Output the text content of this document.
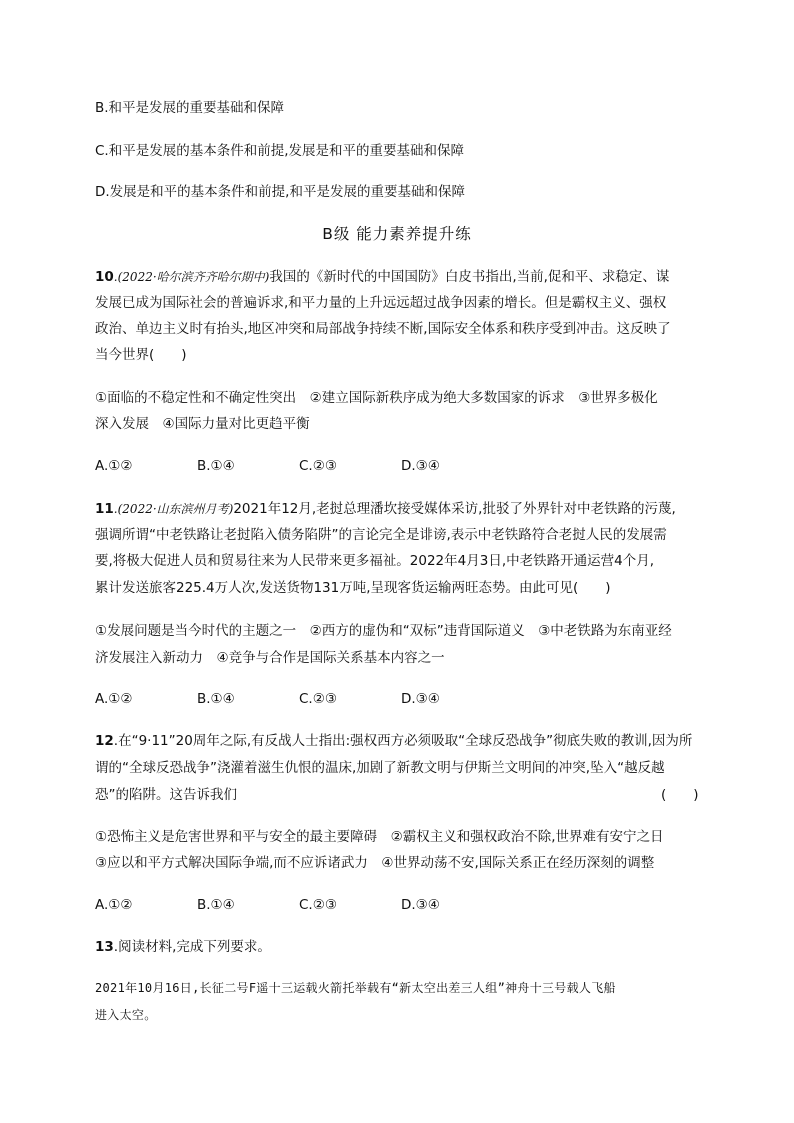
B.和平是发展的重要基础和保障
C.和平是发展的基本条件和前提,发展是和平的重要基础和保障
D.发展是和平的基本条件和前提,和平是发展的重要基础和保障
B级 能力素养提升练
10.(2022·哈尔滨齐齐哈尔期中)我国的《新时代的中国国防》白皮书指出,当前,促和平、求稳定、谋
发展已成为国际社会的普遍诉求,和平力量的上升远远超过战争因素的增长。但是霸权主义、强权
政治、单边主义时有抬头,地区冲突和局部战争持续不断,国际安全体系和秩序受到冲击。这反映了
当今世界(　　)
①面临的不稳定性和不确定性突出　②建立国际新秩序成为绝大多数国家的诉求　③世界多极化
深入发展　④国际力量对比更趋平衡
A.①②	B.①④	C.②③	D.③④
11.(2022·山东滨州月考)2021年12月,老挝总理潘坎接受媒体采访,批驳了外界针对中老铁路的污蔑,
强调所谓“中老铁路让老挝陷入债务陷阱”的言论完全是诽谤,表示中老铁路符合老挝人民的发展需
要,将极大促进人员和贸易往来为人民带来更多福祉。2022年4月3日,中老铁路开通运营4个月,
累计发送旅客225.4万人次,发送货物131万吨,呈现客货运输两旺态势。由此可见(　　)
①发展问题是当今时代的主题之一　②西方的虚伪和“双标”违背国际道义　③中老铁路为东南亚经
济发展注入新动力　④竞争与合作是国际关系基本内容之一
A.①②	B.①④	C.②③	D.③④
12.在“9·11”20周年之际,有反战人士指出:强权西方必须吸取“全球反恐战争”彻底失败的教训,因为所
谓的“全球反恐战争”浇灌着滋生仇恨的温床,加剧了新教文明与伊斯兰文明间的冲突,坠入“越反越
恐”的陷阱。这告诉我们	(　　)
①恐怖主义是危害世界和平与安全的最主要障碍　②霸权主义和强权政治不除,世界难有安宁之日
③应以和平方式解决国际争端,而不应诉诸武力　④世界动荡不安,国际关系正在经历深刻的调整
A.①②	B.①④	C.②③	D.③④
13.阅读材料,完成下列要求。
2021年10月16日,长征二号F遥十三运载火箭托举载有“新太空出差三人组”神舟十三号载人飞船
进入太空。
